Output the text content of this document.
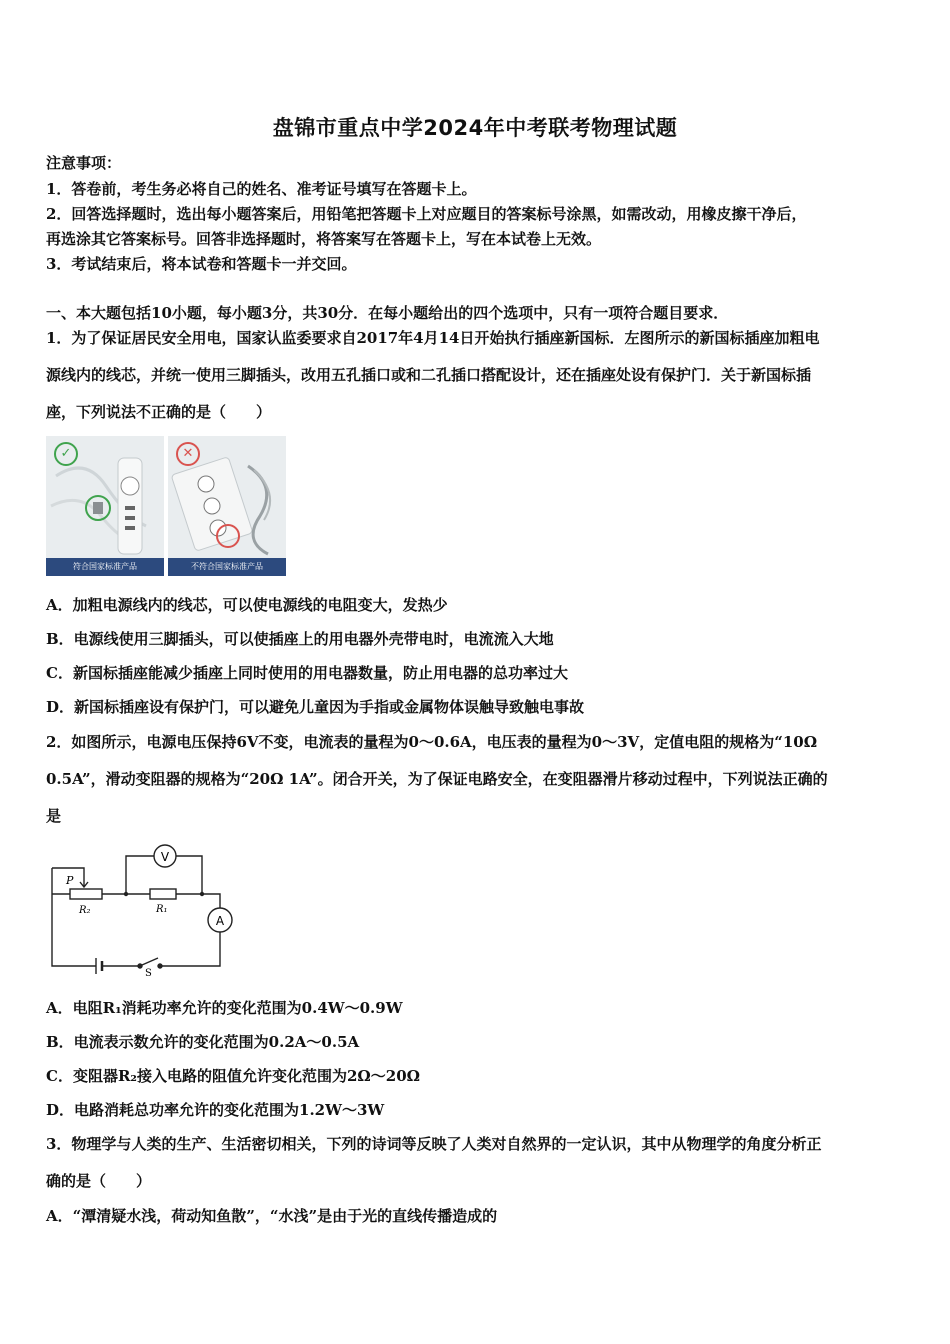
盘锦市重点中学2024年中考联考物理试题
注意事项：
1．答卷前，考生务必将自己的姓名、准考证号填写在答题卡上。
2．回答选择题时，选出每小题答案后，用铅笔把答题卡上对应题目的答案标号涂黑，如需改动，用橡皮擦干净后，
再选涂其它答案标号。回答非选择题时，将答案写在答题卡上，写在本试卷上无效。
3．考试结束后，将本试卷和答题卡一并交回。
一、本大题包括10小题，每小题3分，共30分．在每小题给出的四个选项中，只有一项符合题目要求．
1．为了保证居民安全用电，国家认监委要求自2017年4月14日开始执行插座新国标．左图所示的新国标插座加粗电
源线内的线芯，并统一使用三脚插头，改用五孔插口或和二孔插口搭配设计，还在插座处设有保护门．关于新国标插
座，下列说法不正确的是（　　）
✓
符合国家标准产品
✕
不符合国家标准产品
A．加粗电源线内的线芯，可以使电源线的电阻变大，发热少
B．电源线使用三脚插头，可以使插座上的用电器外壳带电时，电流流入大地
C．新国标插座能减少插座上同时使用的用电器数量，防止用电器的总功率过大
D．新国标插座设有保护门，可以避免儿童因为手指或金属物体误触导致触电事故
2．如图所示，电源电压保持6V不变，电流表的量程为0～0.6A，电压表的量程为0～3V，定值电阻的规格为“10Ω
0.5A”，滑动变阻器的规格为“20Ω 1A”。闭合开关，为了保证电路安全，在变阻器滑片移动过程中，下列说法正确的
是
V
A
P
R₂	R₁
S
A．电阻R₁消耗功率允许的变化范围为0.4W～0.9W
B．电流表示数允许的变化范围为0.2A～0.5A
C．变阻器R₂接入电路的阻值允许变化范围为2Ω～20Ω
D．电路消耗总功率允许的变化范围为1.2W～3W
3．物理学与人类的生产、生活密切相关，下列的诗词等反映了人类对自然界的一定认识，其中从物理学的角度分析正
确的是（　　）
A．“潭清疑水浅，荷动知鱼散”，“水浅”是由于光的直线传播造成的
